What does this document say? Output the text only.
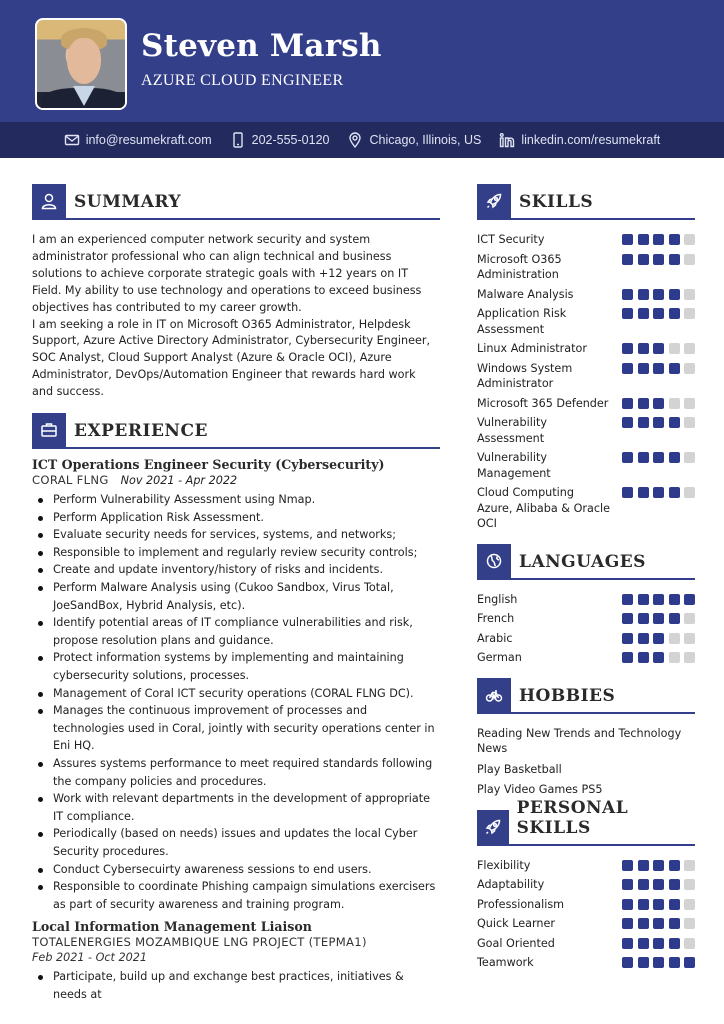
Steven Marsh
AZURE CLOUD ENGINEER
info@resumekraft.com	202-555-0120	Chicago, Illinois, US	linkedin.com/resumekraft
SUMMARY

I am an experienced computer network security and system administrator professional who can align technical and business solutions to achieve corporate strategic goals with +12 years on IT Field. My ability to use technology and operations to exceed business objectives has contributed to my career growth.

I am seeking a role in IT on Microsoft O365 Administrator, Helpdesk Support, Azure Active Directory Administrator, Cybersecurity Engineer, SOC Analyst, Cloud Support Analyst (Azure & Oracle OCI), Azure Administrator, DevOps/Automation Engineer that rewards hard work and success.

EXPERIENCE
ICT Operations Engineer Security (Cybersecurity)
CORAL FLNG Nov 2021 - Apr 2022
Perform Vulnerability Assessment using Nmap.
Perform Application Risk Assessment.
Evaluate security needs for services, systems, and networks;
Responsible to implement and regularly review security controls;
Create and update inventory/history of risks and incidents.
Perform Malware Analysis using (Cukoo Sandbox, Virus Total, JoeSandBox, Hybrid Analysis, etc).
Identify potential areas of IT compliance vulnerabilities and risk, propose resolution plans and guidance.
Protect information systems by implementing and maintaining cybersecurity solutions, processes.
Management of Coral ICT security operations (CORAL FLNG DC).
Manages the continuous improvement of processes and technologies used in Coral, jointly with security operations center in Eni HQ.
Assures systems performance to meet required standards following the company policies and procedures.
Work with relevant departments in the development of appropriate IT compliance.
Periodically (based on needs) issues and updates the local Cyber Security procedures.
Conduct Cybersecuirty awareness sessions to end users.
Responsible to coordinate Phishing campaign simulations exercisers as part of security awareness and training program.
Local Information Management Liaison
TOTALENERGIES MOZAMBIQUE LNG PROJECT (TEPMA1)
Feb 2021 - Oct 2021
Participate, build up and exchange best practices, initiatives & needs at
SKILLS
ICT Security
Microsoft O365 Administration
Malware Analysis
Application Risk Assessment
Linux Administrator
Windows System Administrator
Microsoft 365 Defender
Vulnerability Assessment
Vulnerability Management
Cloud Computing Azure, Alibaba & Oracle OCI
LANGUAGES
English
French
Arabic
German
HOBBIES
Reading New Trends and Technology News
Play Basketball
Play Video Games PS5
PERSONAL SKILLS
Flexibility
Adaptability
Professionalism
Quick Learner
Goal Oriented
Teamwork
